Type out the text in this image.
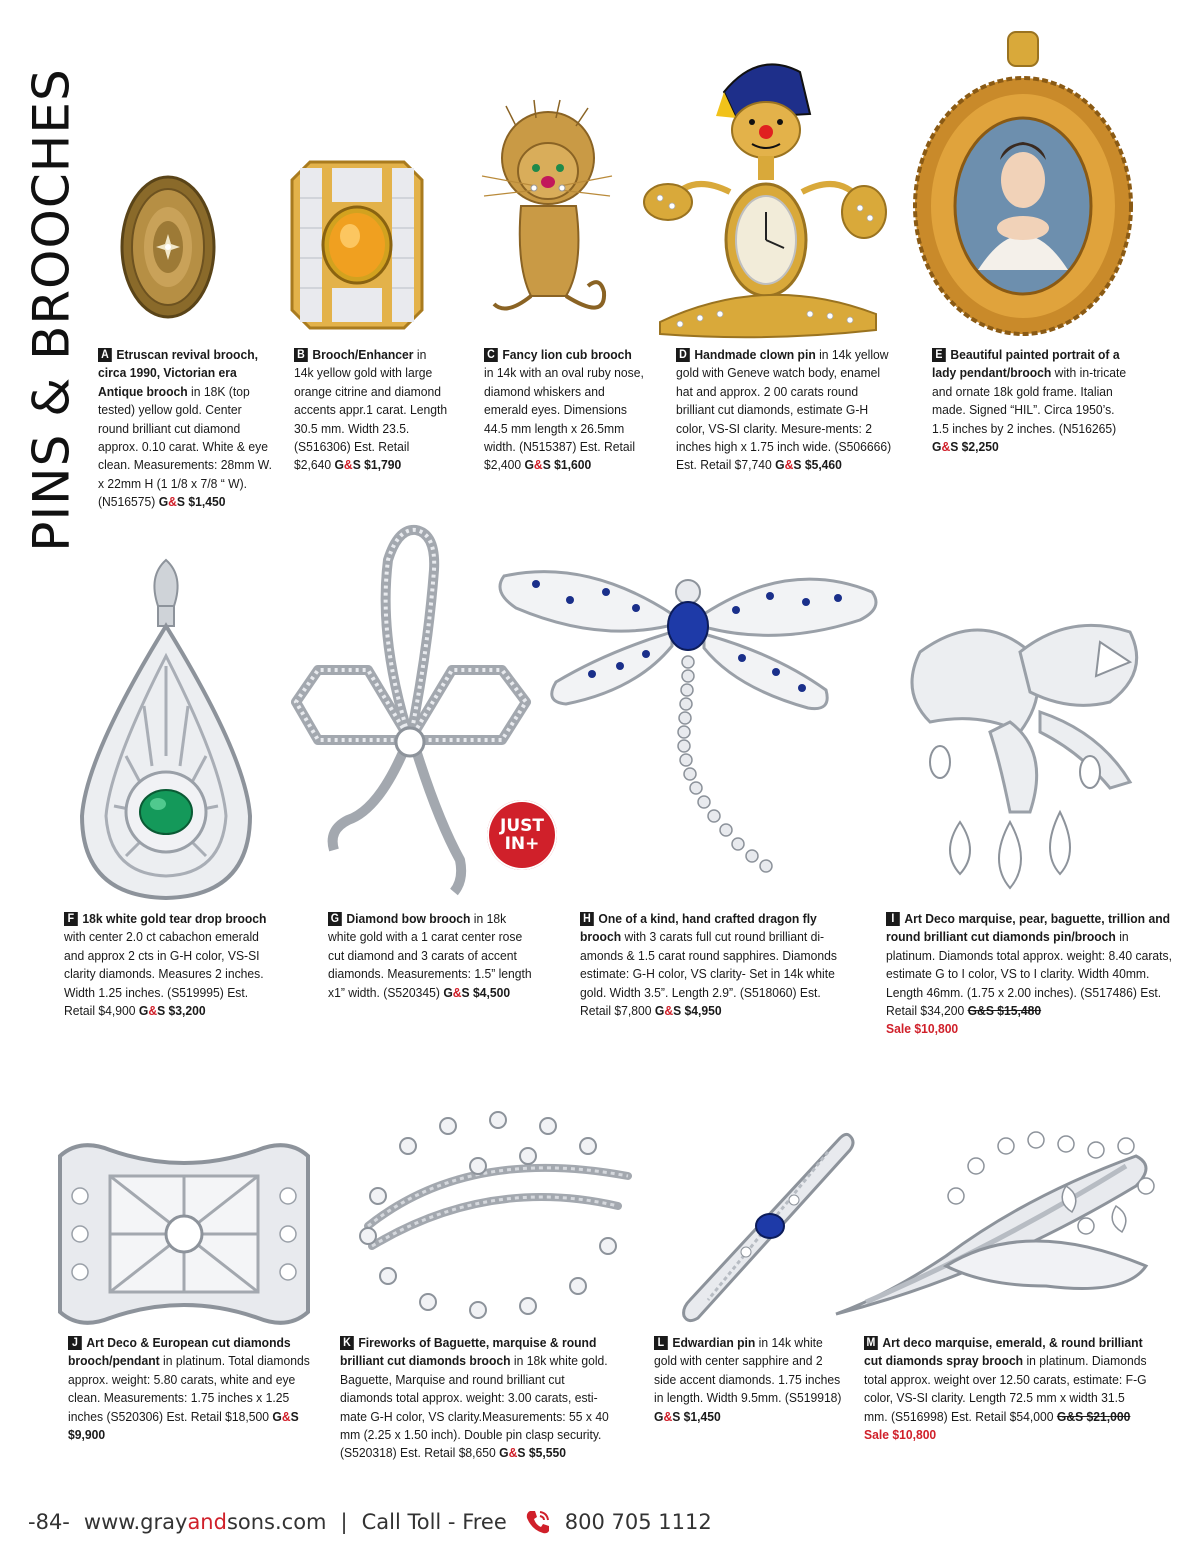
PINS & BROOCHES A Etruscan revival brooch, circa 1990, Victorian era Antique brooch in 18K (top tested) yellow gold. Center round brilliant cut diamond approx. 0.10 carat. White & eye clean. Measurements: 28mm W. x 22mm H (1 1/8 x 7/8 “ W). (N516575) G&S $1,450
B Brooch/Enhancer in 14k yellow gold with large orange citrine and diamond accents appr.1 carat. Length 30.5 mm. Width 23.5. (S516306) Est. Retail $2,640 G&S $1,790
C Fancy lion cub brooch in 14k with an oval ruby nose, diamond whiskers and emerald eyes. Dimensions 44.5 mm length x 26.5mm width. (N515387) Est. Retail $2,400 G&S $1,600
D Handmade clown pin in 14k yellow gold with Geneve watch body, enamel hat and approx. 2 00 carats round brilliant cut diamonds, estimate G-H color, VS-SI clarity. Mesure-ments: 2 inches high x 1.75 inch wide. (S506666) Est. Retail $7,740 G&S $5,460
E Beautiful painted portrait of a lady pendant/brooch with in-tricate and ornate 18k gold frame. Italian made. Signed “HIL”. Circa 1950’s. 1.5 inches by 2 inches. (N516265) G&S $2,250
JUST
IN+
F 18k white gold tear drop brooch with center 2.0 ct cabachon emerald and approx 2 cts in G-H color, VS-SI clarity diamonds. Measures 2 inches. Width 1.25 inches. (S519995) Est. Retail $4,900 G&S $3,200
G Diamond bow brooch in 18k white gold with a 1 carat center rose cut diamond and 3 carats of accent diamonds. Measurements: 1.5” length x1” width. (S520345) G&S $4,500
H One of a kind, hand crafted dragon fly brooch with 3 carats full cut round brilliant di-amonds & 1.5 carat round sapphires. Diamonds estimate: G-H color, VS clarity- Set in 14k white gold. Width 3.5”. Length 2.9”. (S518060) Est. Retail $7,800 G&S $4,950
I Art Deco marquise, pear, baguette, trillion and round brilliant cut diamonds pin/brooch in platinum. Diamonds total approx. weight: 8.40 carats, estimate G to I color, VS to I clarity. Width 40mm. Length 46mm. (1.75 x 2.00 inches). (S517486) Est. Retail $34,200 G&S $15,480
Sale $10,800
J Art Deco & European cut diamonds brooch/pendant in platinum. Total diamonds approx. weight: 5.80 carats, white and eye clean. Measurements: 1.75 inches x 1.25 inches (S520306) Est. Retail $18,500 G&S $9,900
K Fireworks of Baguette, marquise & round brilliant cut diamonds brooch in 18k white gold. Baguette, Marquise and round brilliant cut diamonds total approx. weight: 3.00 carats, esti-mate G-H color, VS clarity.Measurements: 55 x 40 mm (2.25 x 1.50 inch). Double pin clasp security. (S520318) Est. Retail $8,650 G&S $5,550
L Edwardian pin in 14k white gold with center sapphire and 2 side accent diamonds. 1.75 inches in length. Width 9.5mm. (S519918) G&S $1,450
M Art deco marquise, emerald, & round brilliant cut diamonds spray brooch in platinum. Diamonds total approx. weight over 12.50 carats, estimate: F-G color, VS-SI clarity. Length 72.5 mm x width 31.5 mm. (S516998) Est. Retail $54,000 G&S $21,000 Sale $10,800
-84- www.grayandsons.com | Call Toll - Free	800 705 1112
